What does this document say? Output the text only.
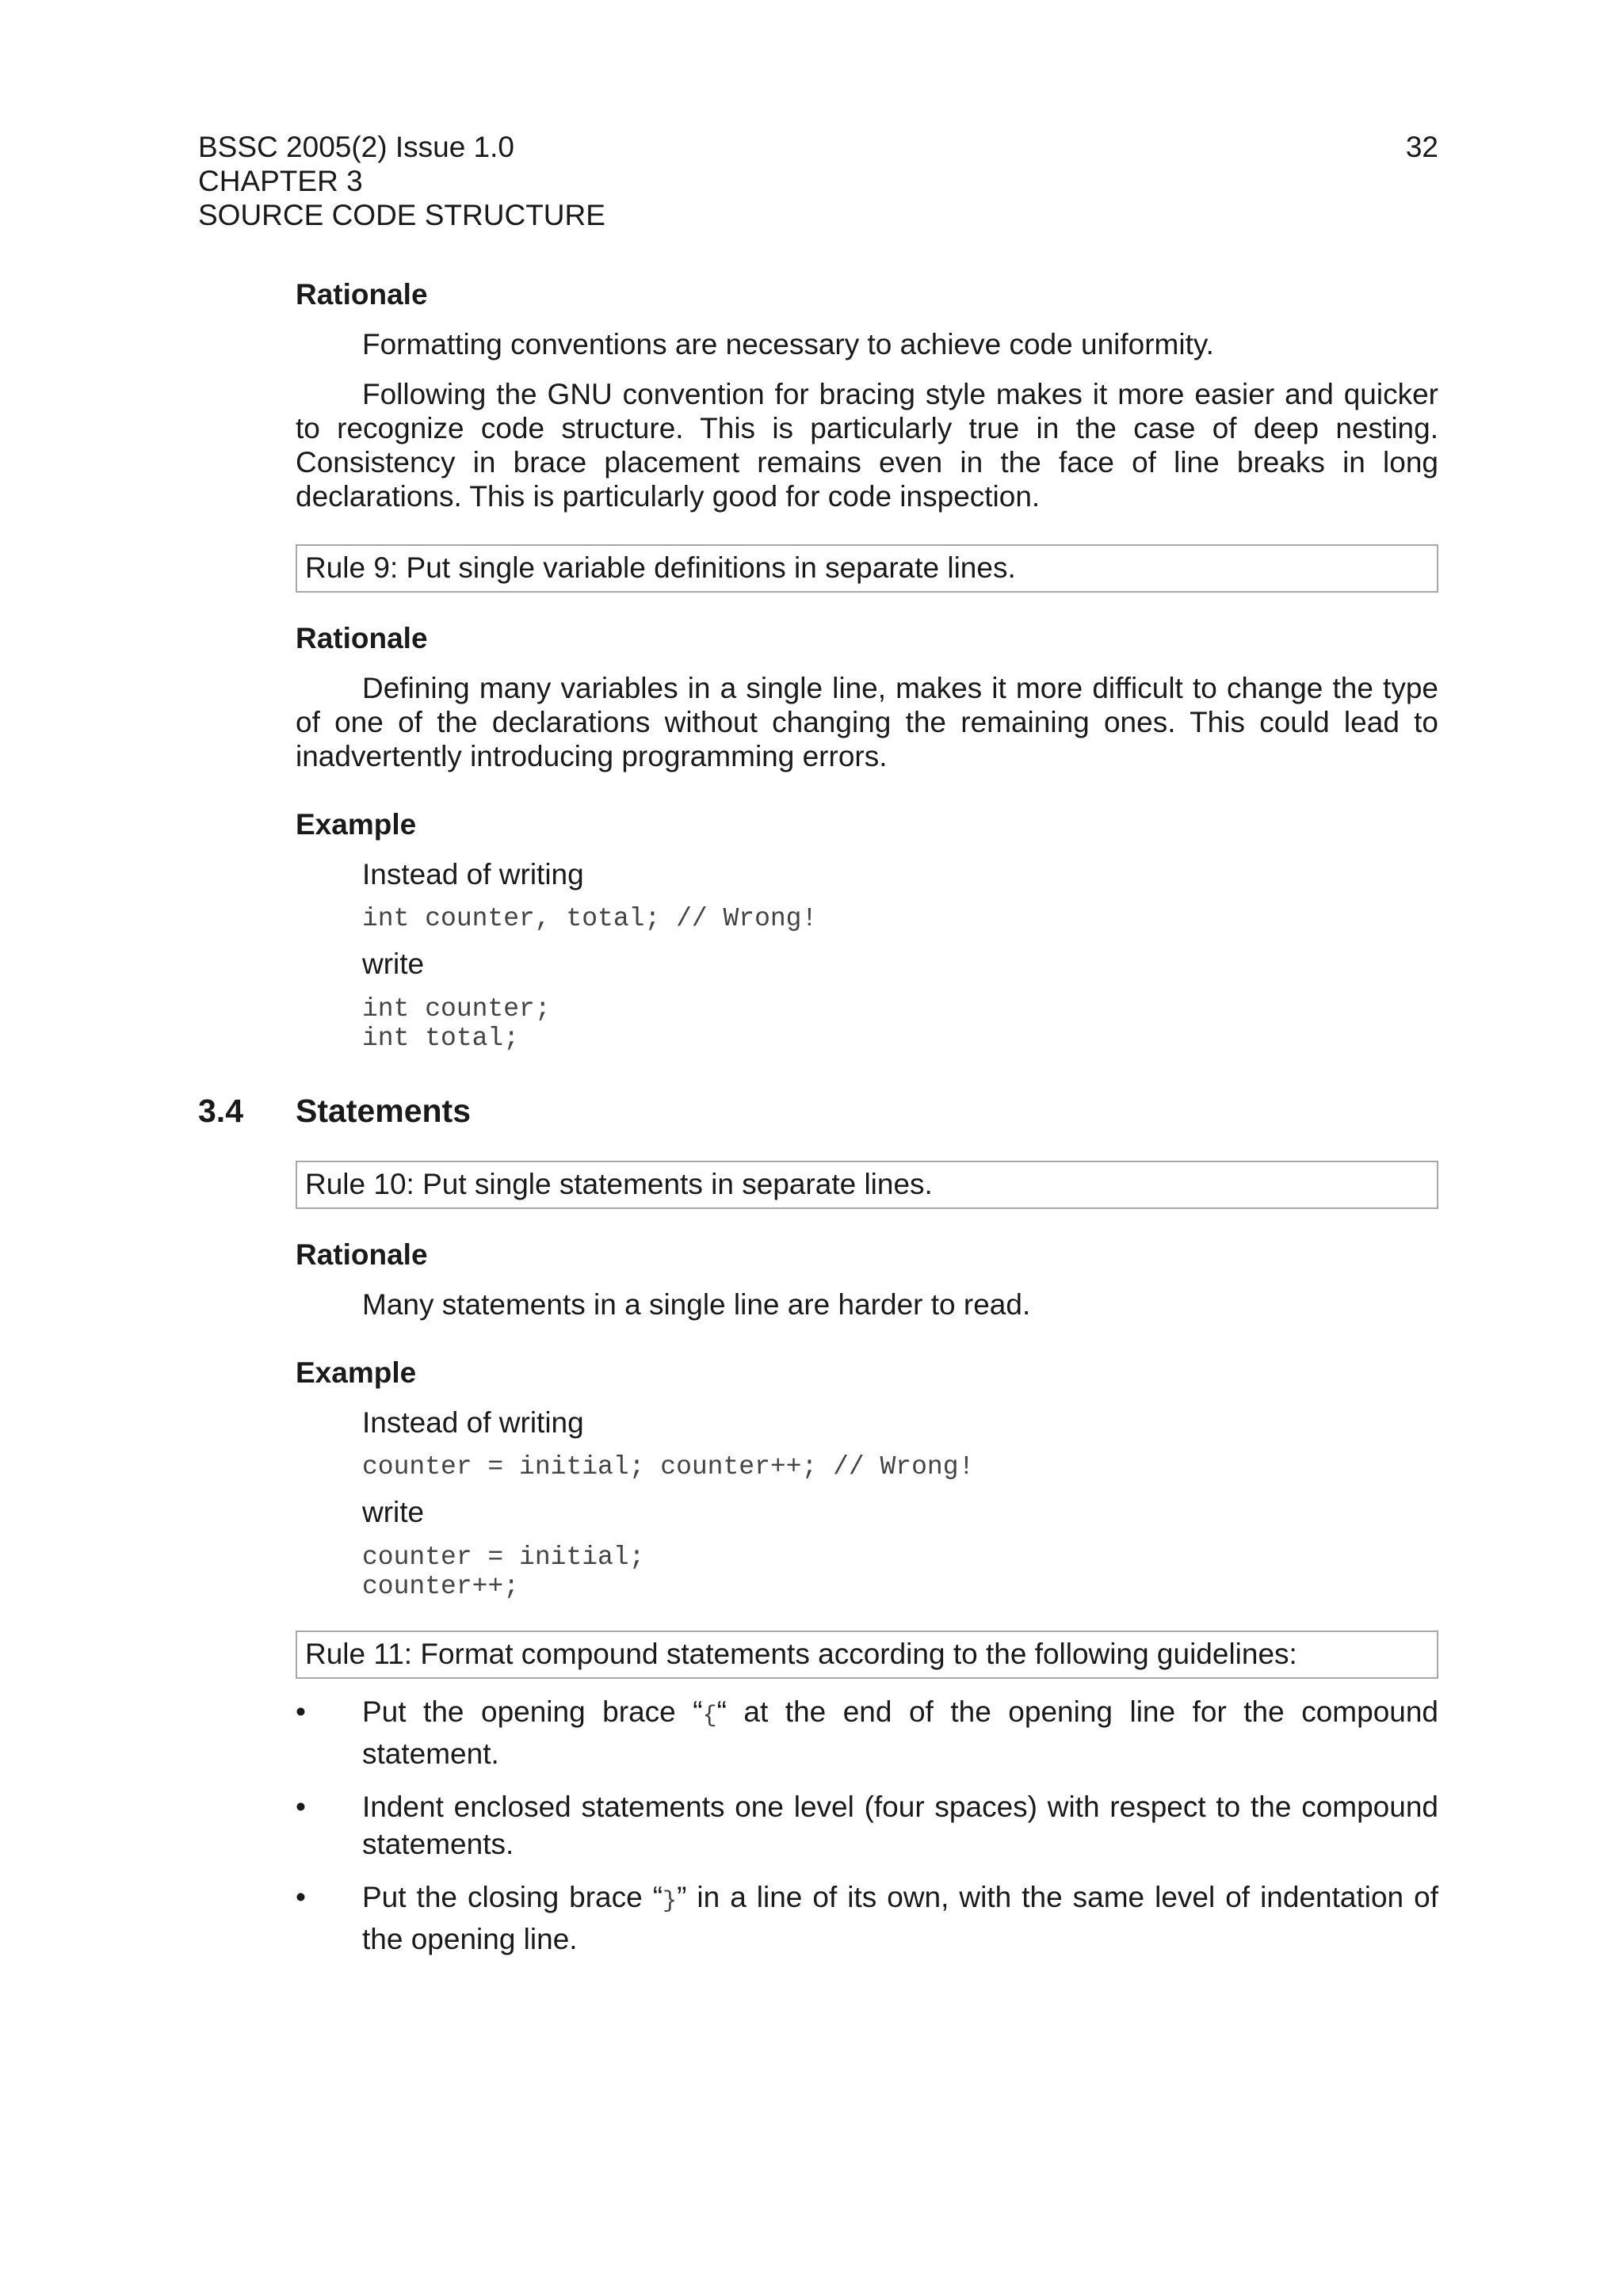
BSSC 2005(2) Issue 1.0
CHAPTER 3
SOURCE CODE STRUCTURE
32

Rationale

Formatting conventions are necessary to achieve code uniformity.

Following the GNU convention for bracing style makes it more easier and quicker to recognize code structure. This is particularly true in the case of deep nesting. Consistency in brace placement remains even in the face of line breaks in long declarations. This is particularly good for code inspection.

Rule 9: Put single variable definitions in separate lines.

Rationale

Defining many variables in a single line, makes it more difficult to change the type of one of the declarations without changing the remaining ones. This could lead to inadvertently introducing programming errors.

Example

Instead of writing

int counter, total; // Wrong!

write

int counter;
int total;

3.4 Statements

Rule 10: Put single statements in separate lines.

Rationale

Many statements in a single line are harder to read.

Example

Instead of writing

counter = initial; counter++; // Wrong!

write

counter = initial;
counter++;
Rule 11: Format compound statements according to the following guidelines:
• Put the opening brace “{“ at the end of the opening line for the compound statement.
• Indent enclosed statements one level (four spaces) with respect to the compound statements.
• Put the closing brace “}” in a line of its own, with the same level of indentation of the opening line.
